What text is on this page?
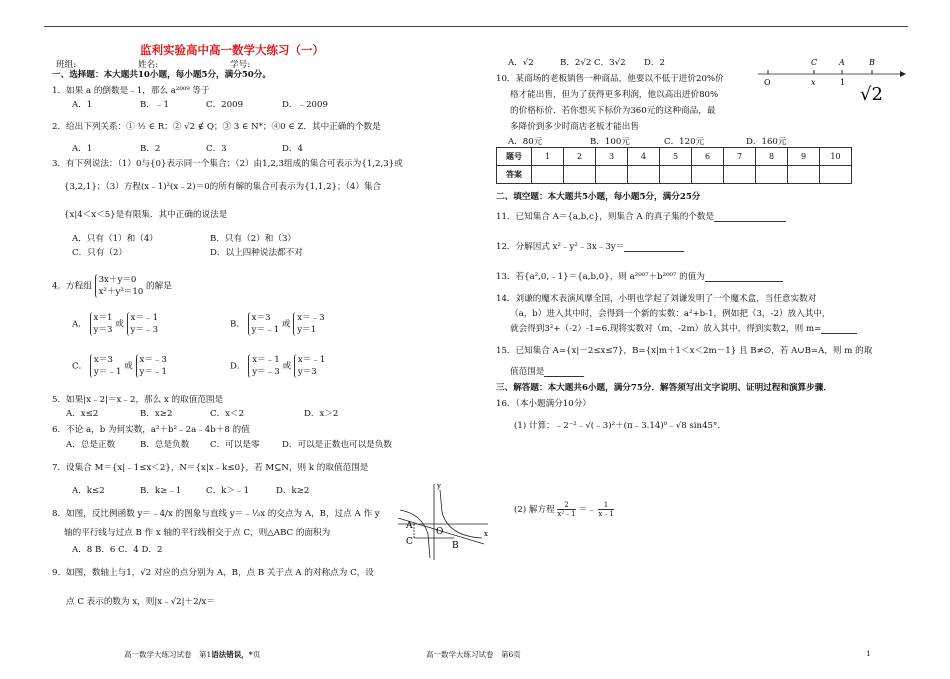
监利实验高中高一数学大练习（一）
班组:	姓名:	学号:
一、选择题：本大题共10小题，每小题5分，满分50分。
1．如果 a 的倒数是﹣1，那么 a²⁰⁰⁹ 等于
A．1	B．﹣1	C．2009	D．﹣2009
2．给出下列关系：① ½ ∈ R；② √2 ∉ Q；③ 3 ∈ N*；④0 ∈ Z．其中正确的个数是
A．1	B．2	C．3	D．4
3．有下列说法：（1）0与{0}表示同一个集合；（2）由1,2,3组成的集合可表示为{1,2,3}或
{3,2,1}；（3）方程(x﹣1)²(x﹣2)＝0的所有解的集合可表示为{1,1,2}；（4）集合
{x|4＜x＜5}是有限集．其中正确的说法是
A．只有（1）和（4）	B．只有（2）和（3）
C．只有（2）	D．以上四种说法都不对
4．方程组 3x＋y＝0
x²＋y²＝10 的解是
A． x＝1
y＝3 或 x＝﹣1
y＝﹣3
B． x＝3
y＝﹣1 或 x＝﹣3
y＝1
C． x＝3
y＝﹣1 或 x＝﹣3
y＝﹣1
D． x＝﹣1
y＝﹣3 或 x＝﹣1
y＝3
5．如果|x﹣2|＝x﹣2，那么 x 的取值范围是
A．x≤2	B．x≥2	C．x＜2	D．x＞2
6．不论 a，b 为何实数，a²＋b²﹣2a﹣4b＋8 的值
A．总是正数	B．总是负数 C．可以是零	D．可以是正数也可以是负数
7．设集合 M＝{x|﹣1≤x＜2}，N＝{x|x﹣k≤0}，若 M⊆N，则 k 的取值范围是
A．k≤2	B．k≥﹣1	C．k＞﹣1	D．k≥2
8．如图，反比例函数 y＝﹣4/x 的图象与直线 y＝﹣⅓x 的交点为 A，B，过点 A 作 y
轴的平行线与过点 B 作 x 轴的平行线相交于点 C，则△ABC 的面积为
A．8 B．6 C．4 D．2
A
B
C
O	x
y
9．如图，数轴上与1，√2 对应的点分别为 A，B，点 B 关于点 A 的对称点为 C，设
点 C 表示的数为 x，则|x﹣√2|＋2/x＝
A．√2	B．2√2 C．3√2 D．2
O	x	1
C	A	B
√2
10．某商场的老板销售一种商品，他要以不低于进价20%价
格才能出售，但为了获得更多利润，他以高出进价80%
的价格标价．若你想买下标价为360元的这种商品，最
多降价到多少时商店老板才能出售
A．80元	B．100元	C．120元	D．160元
题号	1	2	3	4	5	6	7	8	9	10
答案										
二、填空题：本大题共5小题，每小题5分，满分25分
11．已知集合 A＝{a,b,c}，则集合 A 的真子集的个数是
12．分解因式 x²﹣y²﹣3x﹣3y＝
13．若{a²,0,﹣1}＝{a,b,0}，则 a²⁰⁰⁷＋b²⁰⁰⁷ 的值为
14．刘谦的魔术表演风靡全国，小明也学起了刘谦发明了一个魔术盒，当任意实数对
（a，b）进入其中时，会得到一个新的实数：a²+b-1，例如把（3，-2）放入其中，
就会得到3²+（-2）-1=6.现将实数对（m，-2m）放入其中，得到实数2，则 m=
15．已知集合 A={x|－2≤x≤7}，B={x|m＋1＜x＜2m－1} 且 B≠∅，若 A∪B=A，则 m 的取
值范围是
三、解答题：本大题共6小题，满分75分．解答须写出文字说明、证明过程和演算步骤．
16．（本小题满分10分）
(1) 计算：﹣2⁻²﹣√(﹣3)²＋(π﹣3.14)⁰﹣√8 sin45°．
(2) 解方程 $\frac{2}{\text{x²﹣1}}$ ＝﹣ $\frac{1}{x﹣1}$
高一数学大练习试卷　第1语法错误，*页	高一数学大练习试卷　第6页	1
